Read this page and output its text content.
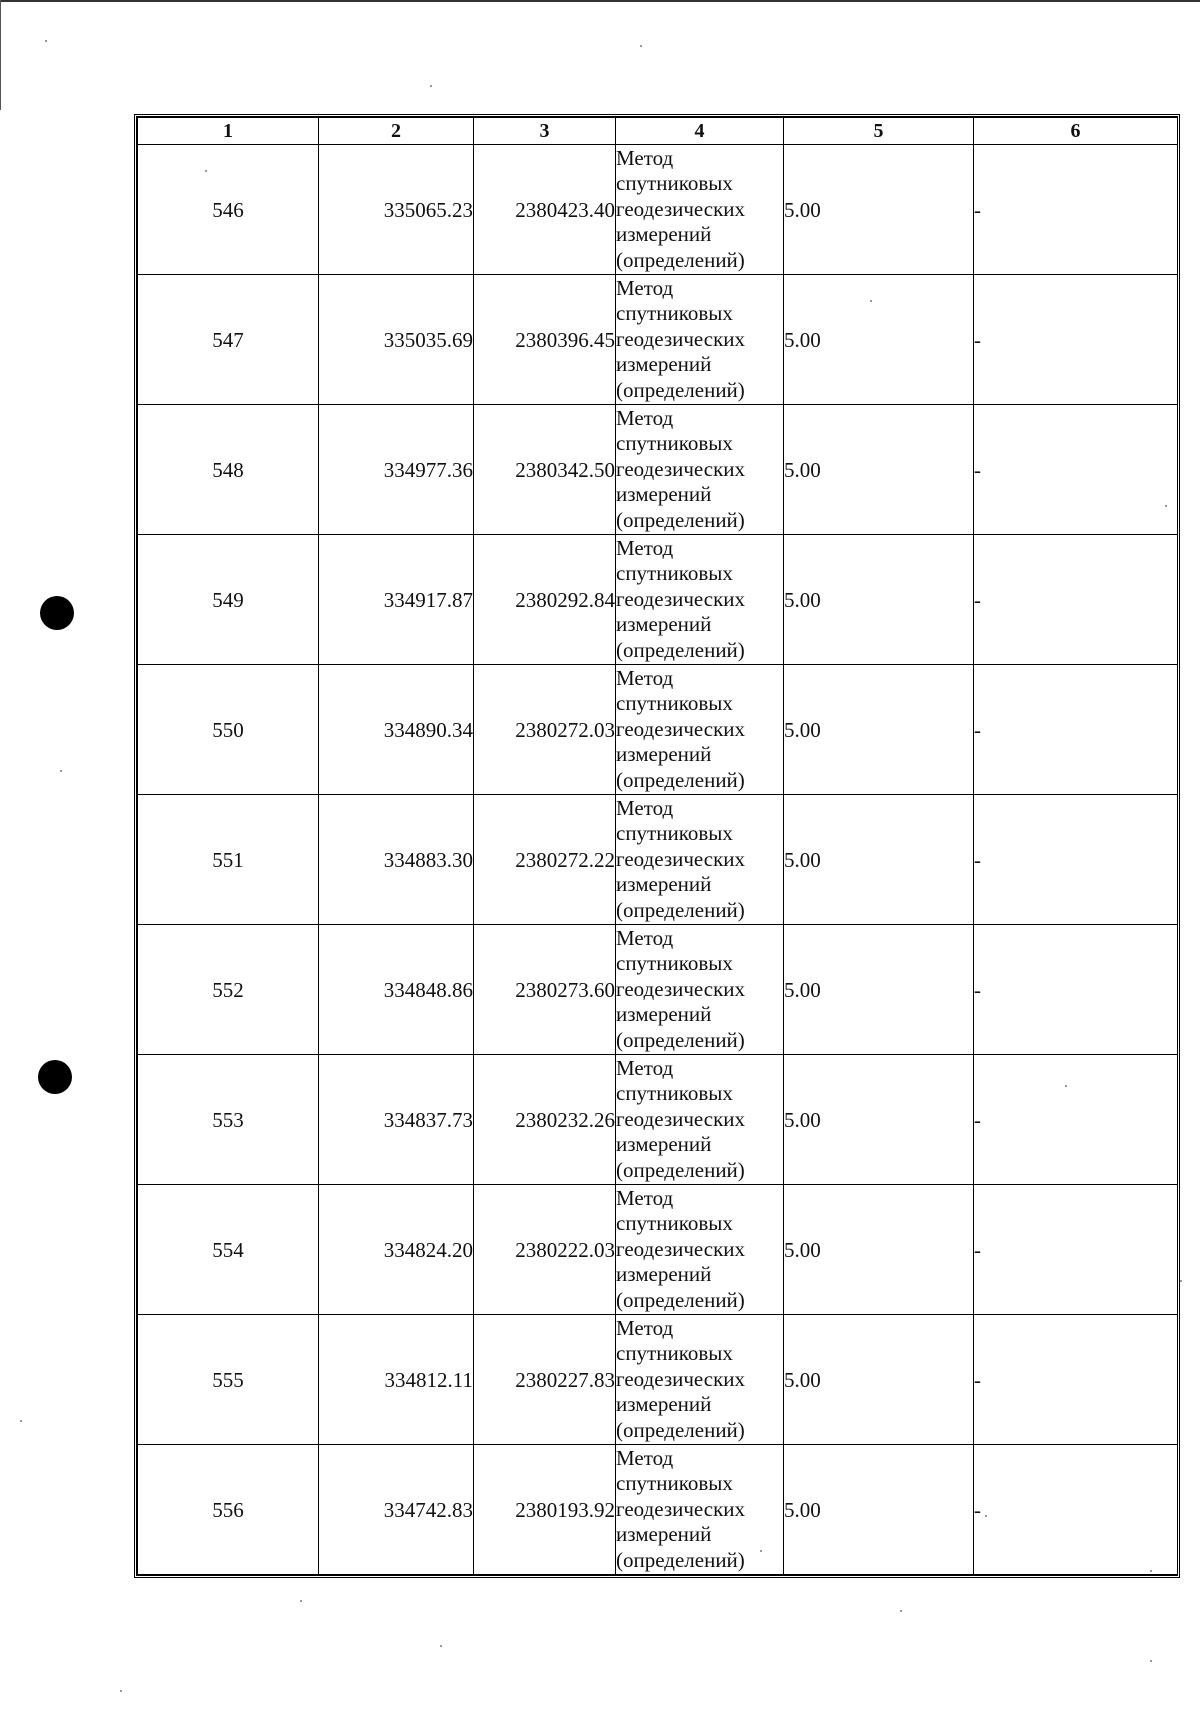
1	2	3	4	5	6
546	335065.23	2380423.40	Метод
спутниковых
геодезических
измерений
(определений)	5.00	-
547	335035.69	2380396.45	Метод
спутниковых
геодезических
измерений
(определений)	5.00	-
548	334977.36	2380342.50	Метод
спутниковых
геодезических
измерений
(определений)	5.00	-
549	334917.87	2380292.84	Метод
спутниковых
геодезических
измерений
(определений)	5.00	-
550	334890.34	2380272.03	Метод
спутниковых
геодезических
измерений
(определений)	5.00	-
551	334883.30	2380272.22	Метод
спутниковых
геодезических
измерений
(определений)	5.00	-
552	334848.86	2380273.60	Метод
спутниковых
геодезических
измерений
(определений)	5.00	-
553	334837.73	2380232.26	Метод
спутниковых
геодезических
измерений
(определений)	5.00	-
554	334824.20	2380222.03	Метод
спутниковых
геодезических
измерений
(определений)	5.00	-
555	334812.11	2380227.83	Метод
спутниковых
геодезических
измерений
(определений)	5.00	-
556	334742.83	2380193.92	Метод
спутниковых
геодезических
измерений
(определений)	5.00	-
